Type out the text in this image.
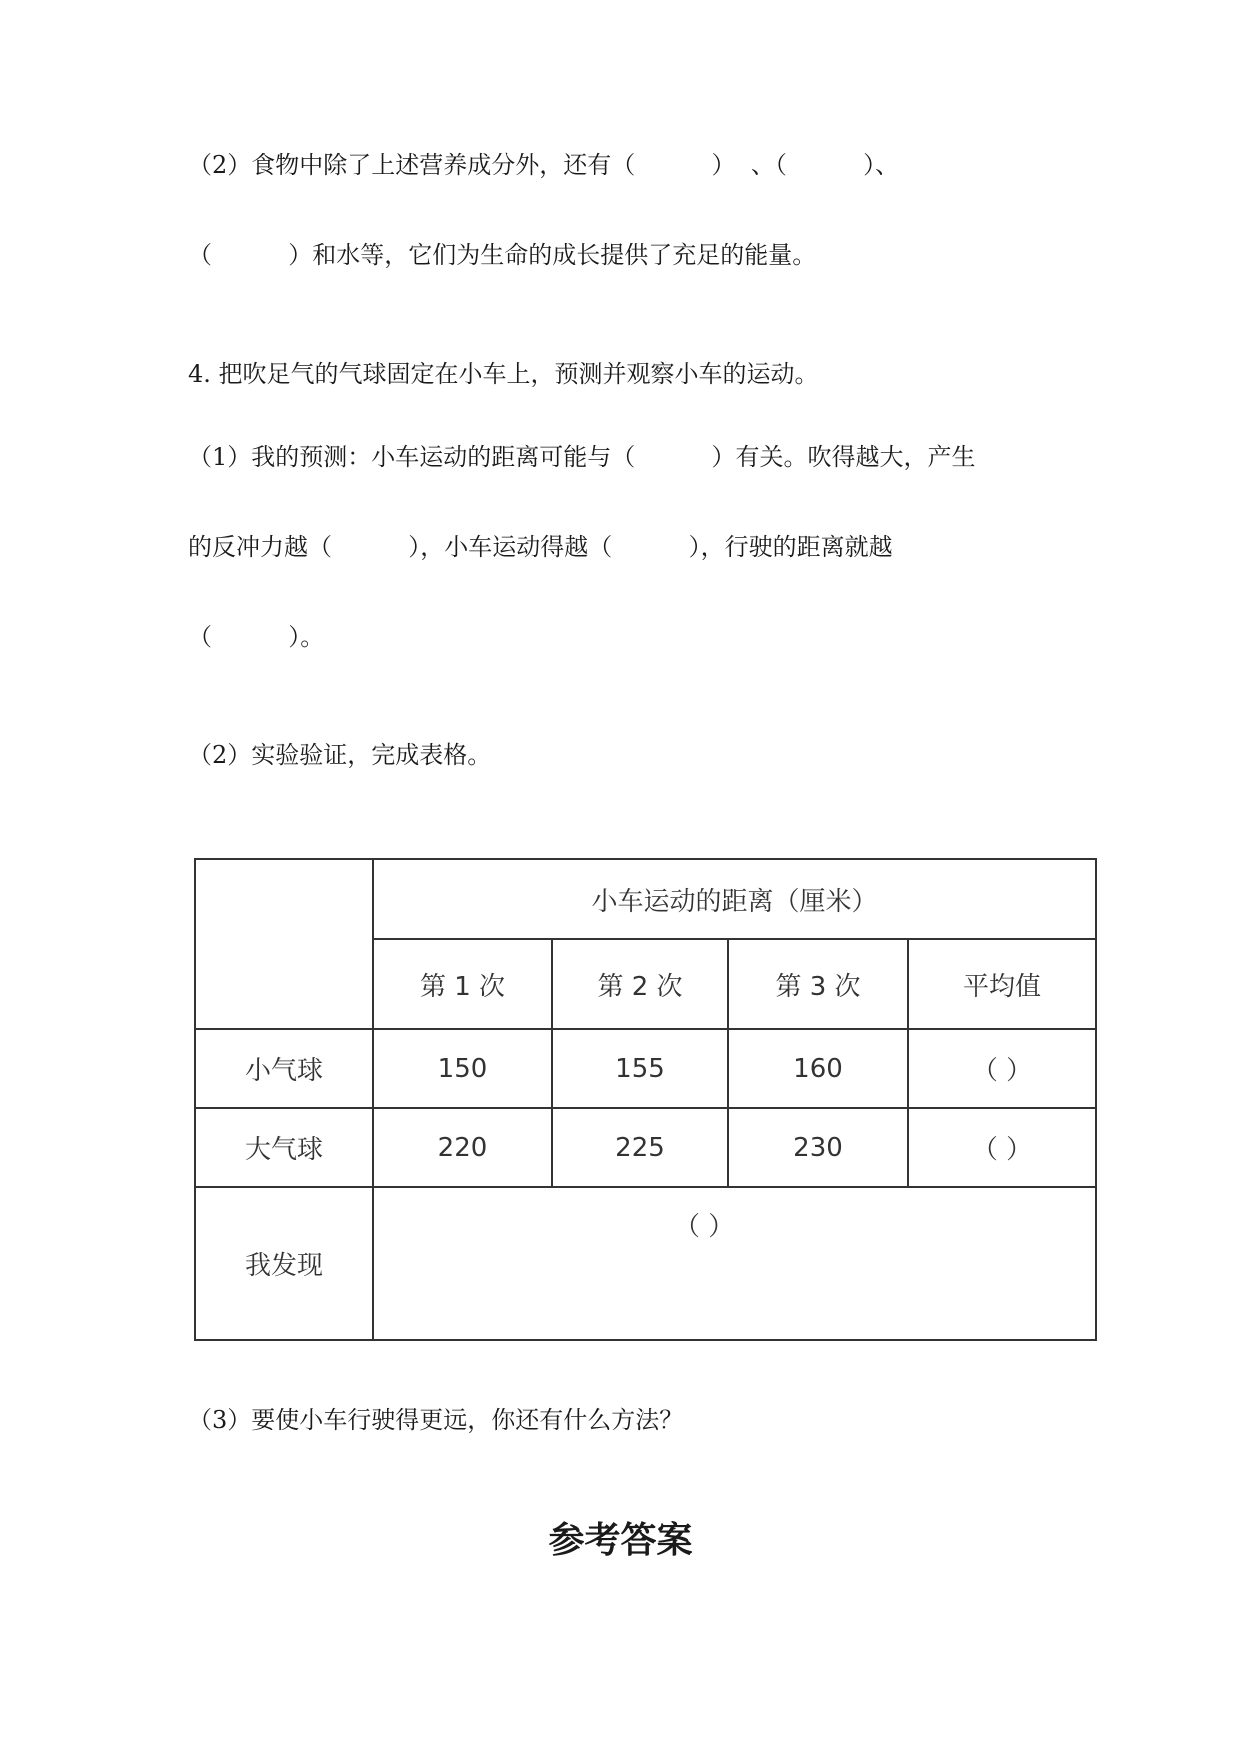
（2）食物中除了上述营养成分外，还有（          ）  、（          ）、
（          ）和水等，它们为生命的成长提供了充足的能量。
4. 把吹足气的气球固定在小车上，预测并观察小车的运动。
（1）我的预测：小车运动的距离可能与（          ）有关。吹得越大，产生
的反冲力越（          ），小车运动得越（          ），行驶的距离就越
（          ）。
（2）实验验证，完成表格。
	小车运动的距离（厘米）			
	第 1 次	第 2 次	第 3 次	平均值
小气球	150	155	160	（ ）
大气球	220	225	230	（ ）
我发现	（ ）			
（3）要使小车行驶得更远，你还有什么方法？
参考答案
